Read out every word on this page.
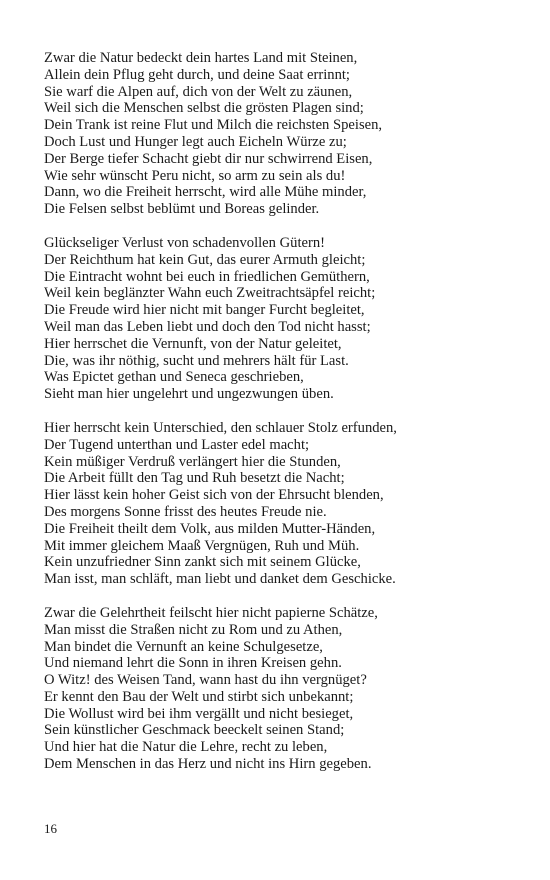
Zwar die Natur bedeckt dein hartes Land mit Steinen,
Allein dein Pflug geht durch, und deine Saat errinnt;
Sie warf die Alpen auf, dich von der Welt zu zäunen,
Weil sich die Menschen selbst die grösten Plagen sind;
Dein Trank ist reine Flut und Milch die reichsten Speisen,
Doch Lust und Hunger legt auch Eicheln Würze zu;
Der Berge tiefer Schacht giebt dir nur schwirrend Eisen,
Wie sehr wünscht Peru nicht, so arm zu sein als du!
Dann, wo die Freiheit herrscht, wird alle Mühe minder,
Die Felsen selbst beblümt und Boreas gelinder.
Glückseliger Verlust von schadenvollen Gütern!
Der Reichthum hat kein Gut, das eurer Armuth gleicht;
Die Eintracht wohnt bei euch in friedlichen Gemüthern,
Weil kein beglänzter Wahn euch Zweitrachtsäpfel reicht;
Die Freude wird hier nicht mit banger Furcht begleitet,
Weil man das Leben liebt und doch den Tod nicht hasst;
Hier herrschet die Vernunft, von der Natur geleitet,
Die, was ihr nöthig, sucht und mehrers hält für Last.
Was Epictet gethan und Seneca geschrieben,
Sieht man hier ungelehrt und ungezwungen üben.
Hier herrscht kein Unterschied, den schlauer Stolz erfunden,
Der Tugend unterthan und Laster edel macht;
Kein müßiger Verdruß verlängert hier die Stunden,
Die Arbeit füllt den Tag und Ruh besetzt die Nacht;
Hier lässt kein hoher Geist sich von der Ehrsucht blenden,
Des morgens Sonne frisst des heutes Freude nie.
Die Freiheit theilt dem Volk, aus milden Mutter-Händen,
Mit immer gleichem Maaß Vergnügen, Ruh und Müh.
Kein unzufriedner Sinn zankt sich mit seinem Glücke,
Man isst, man schläft, man liebt und danket dem Geschicke.
Zwar die Gelehrtheit feilscht hier nicht papierne Schätze,
Man misst die Straßen nicht zu Rom und zu Athen,
Man bindet die Vernunft an keine Schulgesetze,
Und niemand lehrt die Sonn in ihren Kreisen gehn.
O Witz! des Weisen Tand, wann hast du ihn vergnüget?
Er kennt den Bau der Welt und stirbt sich unbekannt;
Die Wollust wird bei ihm vergällt und nicht besieget,
Sein künstlicher Geschmack beeckelt seinen Stand;
Und hier hat die Natur die Lehre, recht zu leben,
Dem Menschen in das Herz und nicht ins Hirn gegeben.
16
